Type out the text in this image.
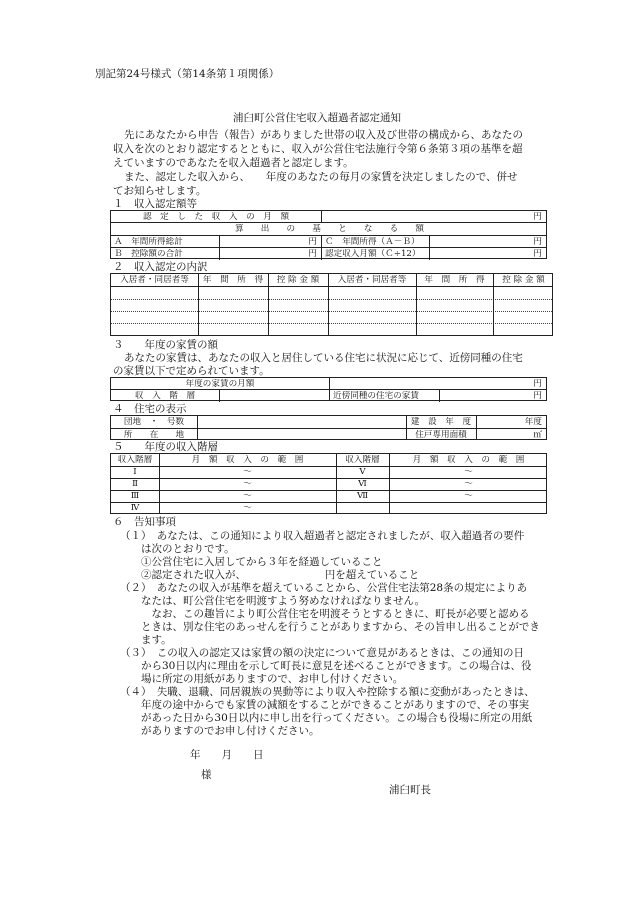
別記第24号様式（第14条第１項関係）
浦臼町公営住宅収入超過者認定通知
先にあなたから申告（報告）がありました世帯の収入及び世帯の構成から、あなたの
収入を次のとおり認定するとともに、収入が公営住宅法施行令第６条第３項の基準を超
えていますのであなたを収入超過者と認定します。
また、認定した収入から、　　年度のあなたの毎月の家賃を決定しましたので、併せ
てお知らせします。
１　収入認定額等
認　定　し　た　収　入　の　月　額	円
算　　出　　の　　基　　と　　な　　る　　額
Ａ　年間所得総計	円 Ｃ　年間所得（Ａ－Ｂ）	円
Ｂ　控除額の合計	円 認定収入月額（Ｃ÷12）	円
２　収入認定の内訳
入居者・同居者等	年　間　所　得	控 除 金 額	入居者・同居者等	年　間　所　得	控 除 金 額
３　　年度の家賃の額
あなたの家賃は、あなたの収入と居住している住宅に状況に応じて、近傍同種の住宅
の家賃以下で定められています。
年度の家賃の月額	円
収　入　階　層	近傍同種の住宅の家賃	円
４　住宅の表示
団地　・　号数	建　設　年　度	年度
所　　在　　地	住戸専用面積	㎡
５　　年度の収入階層
収入階層	月　額　収　入　の　範　囲	収入階層	月　額　収　入　の　範　囲
Ⅰ	～	Ⅴ	～
Ⅱ	～	Ⅵ	～
Ⅲ	～	Ⅶ	～
Ⅳ	～
６　告知事項
（１）　あなたは、この通知により収入超過者と認定されましたが、収入超過者の要件
　　は次のとおりです。
　　①公営住宅に入居してから３年を経過していること
　　②認定された収入が、　　　　　　　　円を超えていること
（２）　あなたの収入が基準を超えていることから、公営住宅法第28条の規定によりあ
　　なたは、町公営住宅を明渡すよう努めなければなりません。
　　　なお、この趣旨により町公営住宅を明渡そうとするときに、町長が必要と認める
　　ときは、別な住宅のあっせんを行うことがありますから、その旨申し出ることができ
　　ます。
（３）　この収入の認定又は家賃の額の決定について意見があるときは、この通知の日
　　から30日以内に理由を示して町長に意見を述べることができます。この場合は、役
　　場に所定の用紙がありますので、お申し付けください。
（４）　失職、退職、同居親族の異動等により収入や控除する額に変動があったときは、
　　年度の途中からでも家賃の減額をすることができることがありますので、その事実
　　があった日から30日以内に申し出を行ってください。この場合も役場に所定の用紙
　　がありますのでお申し付けください。
年　　月　　日
様
浦臼町長
